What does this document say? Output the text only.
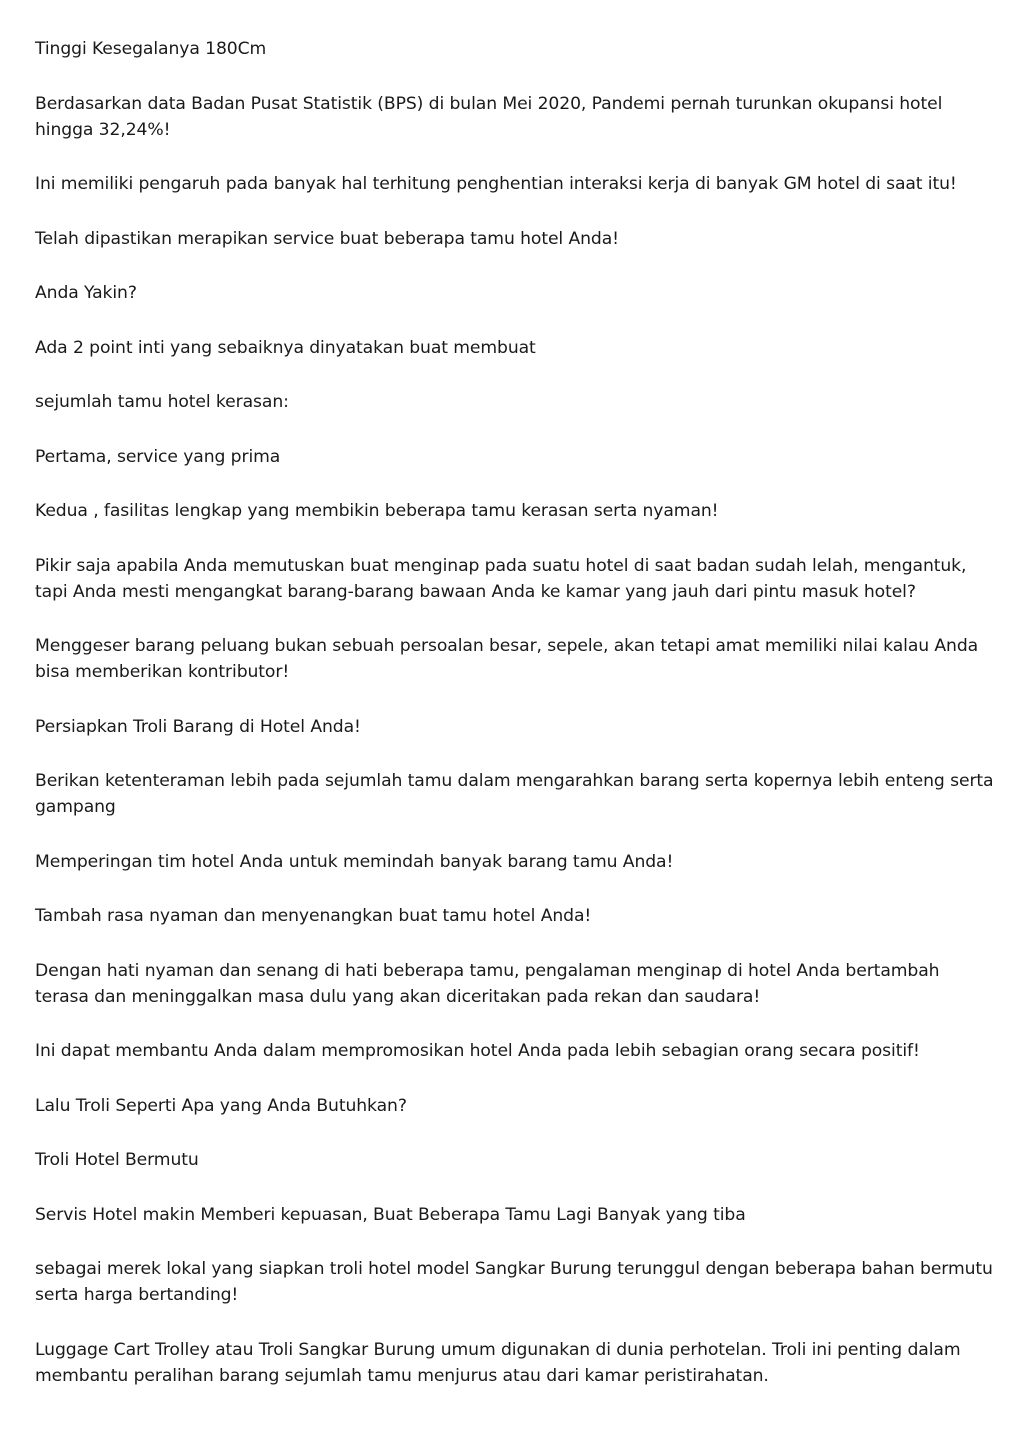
Tinggi Kesegalanya 180Cm

Berdasarkan data Badan Pusat Statistik (BPS) di bulan Mei 2020, Pandemi pernah turunkan okupansi hotel hingga 32,24%!

Ini memiliki pengaruh pada banyak hal terhitung penghentian interaksi kerja di banyak GM hotel di saat itu!

Telah dipastikan merapikan service buat beberapa tamu hotel Anda!

Anda Yakin?

Ada 2 point inti yang sebaiknya dinyatakan buat membuat

sejumlah tamu hotel kerasan:

Pertama, service yang prima

Kedua , fasilitas lengkap yang membikin beberapa tamu kerasan serta nyaman!

Pikir saja apabila Anda memutuskan buat menginap pada suatu hotel di saat badan sudah lelah, mengantuk, tapi Anda mesti mengangkat barang-barang bawaan Anda ke kamar yang jauh dari pintu masuk hotel?

Menggeser barang peluang bukan sebuah persoalan besar, sepele, akan tetapi amat memiliki nilai kalau Anda bisa memberikan kontributor!

Persiapkan Troli Barang di Hotel Anda!

Berikan ketenteraman lebih pada sejumlah tamu dalam mengarahkan barang serta kopernya lebih enteng serta gampang

Memperingan tim hotel Anda untuk memindah banyak barang tamu Anda!

Tambah rasa nyaman dan menyenangkan buat tamu hotel Anda!

Dengan hati nyaman dan senang di hati beberapa tamu, pengalaman menginap di hotel Anda bertambah terasa dan meninggalkan masa dulu yang akan diceritakan pada rekan dan saudara!

Ini dapat membantu Anda dalam mempromosikan hotel Anda pada lebih sebagian orang secara positif!

Lalu Troli Seperti Apa yang Anda Butuhkan?

Troli Hotel Bermutu

Servis Hotel makin Memberi kepuasan, Buat Beberapa Tamu Lagi Banyak yang tiba

sebagai merek lokal yang siapkan troli hotel model Sangkar Burung terunggul dengan beberapa bahan bermutu serta harga bertanding!

Luggage Cart Trolley atau Troli Sangkar Burung umum digunakan di dunia perhotelan. Troli ini penting dalam membantu peralihan barang sejumlah tamu menjurus atau dari kamar peristirahatan.
